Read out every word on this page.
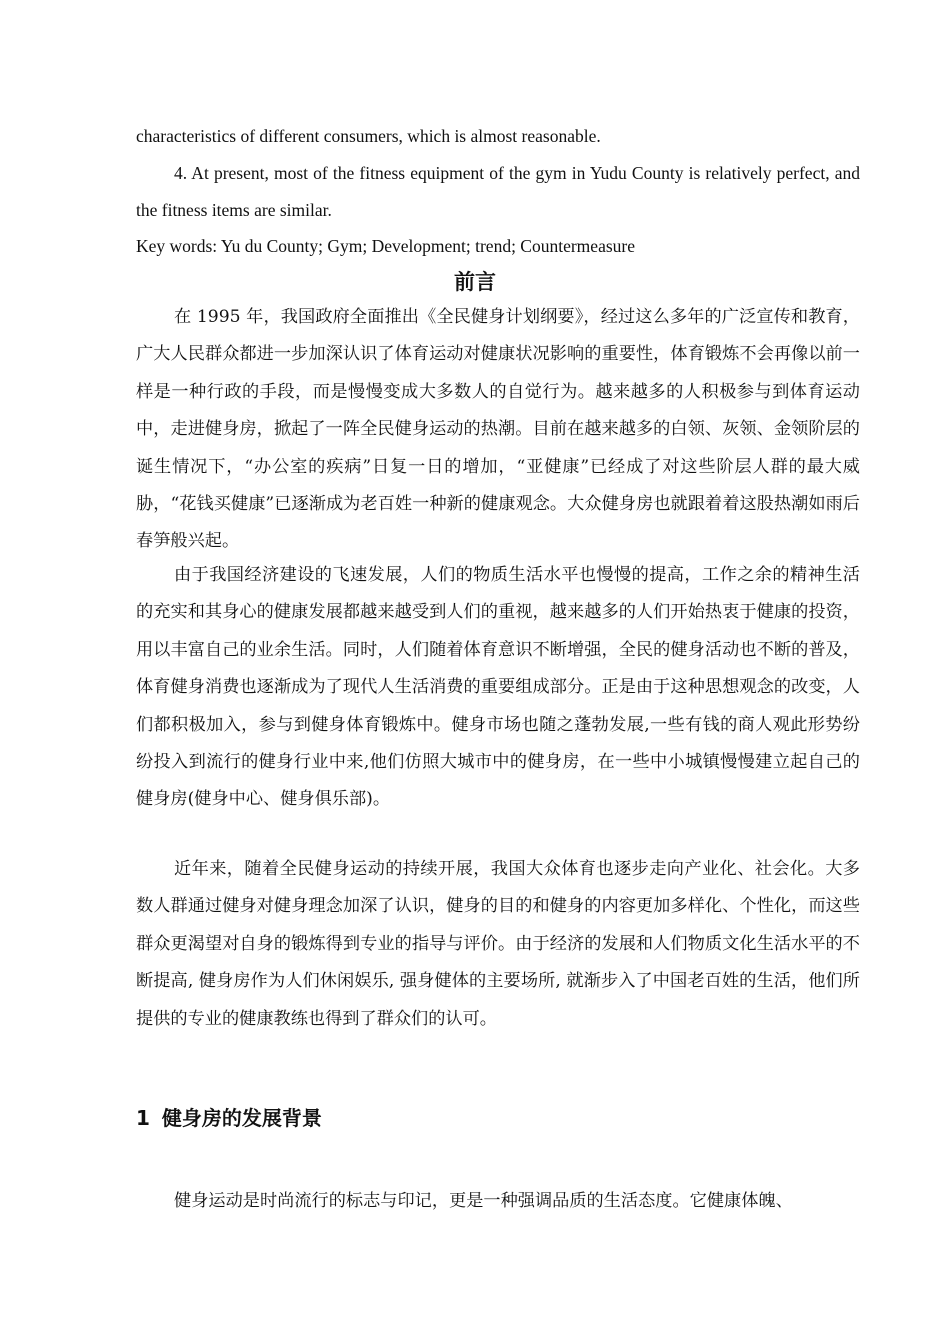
characteristics of different consumers, which is almost reasonable.
4. At present, most of the fitness equipment of the gym in Yudu County is relatively perfect, and the fitness items are similar.
Key words: Yu du County; Gym; Development; trend; Countermeasure
前言

在 1995 年，我国政府全面推出《全民健身计划纲要》，经过这么多年的广泛宣传和教育，广大人民群众都进一步加深认识了体育运动对健康状况影响的重要性，体育锻炼不会再像以前一样是一种行政的手段，而是慢慢变成大多数人的自觉行为。越来越多的人积极参与到体育运动中，走进健身房，掀起了一阵全民健身运动的热潮。目前在越来越多的白领、灰领、金领阶层的诞生情况下，“办公室的疾病”日复一日的增加，“亚健康”已经成了对这些阶层人群的最大威胁，“花钱买健康”已逐渐成为老百姓一种新的健康观念。大众健身房也就跟着着这股热潮如雨后春笋般兴起。

由于我国经济建设的飞速发展，人们的物质生活水平也慢慢的提高，工作之余的精神生活的充实和其身心的健康发展都越来越受到人们的重视，越来越多的人们开始热衷于健康的投资，用以丰富自己的业余生活。同时，人们随着体育意识不断增强，全民的健身活动也不断的普及，体育健身消费也逐渐成为了现代人生活消费的重要组成部分。正是由于这种思想观念的改变，人们都积极加入，参与到健身体育锻炼中。健身市场也随之蓬勃发展,一些有钱的商人观此形势纷纷投入到流行的健身行业中来,他们仿照大城市中的健身房，在一些中小城镇慢慢建立起自己的健身房(健身中心、健身俱乐部)。

近年来，随着全民健身运动的持续开展，我国大众体育也逐步走向产业化、社会化。大多数人群通过健身对健身理念加深了认识，健身的目的和健身的内容更加多样化、个性化，而这些群众更渴望对自身的锻炼得到专业的指导与评价。由于经济的发展和人们物质文化生活水平的不断提高, 健身房作为人们休闲娱乐, 强身健体的主要场所, 就渐步入了中国老百姓的生活，他们所提供的专业的健康教练也得到了群众们的认可。

1 健身房的发展背景

健身运动是时尚流行的标志与印记，更是一种强调品质的生活态度。它健康体魄、
